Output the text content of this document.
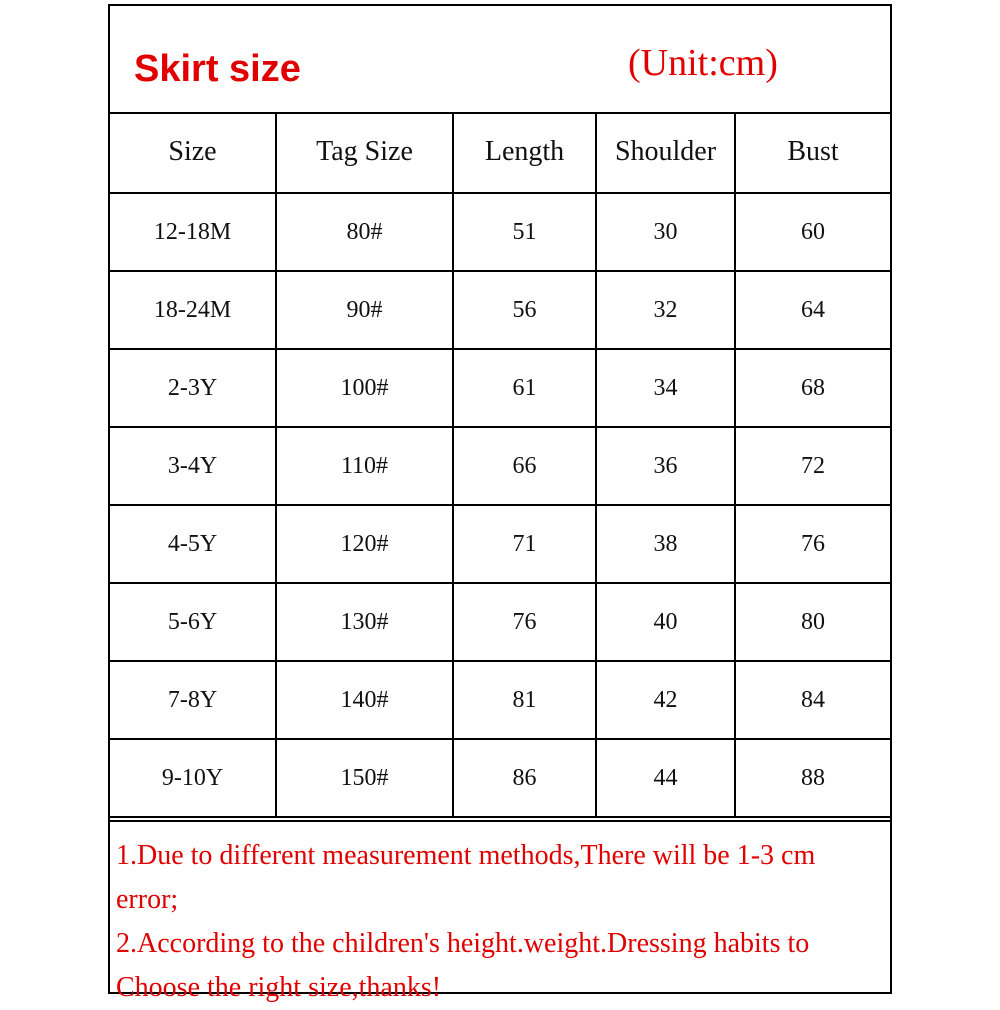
Skirt size	(Unit:cm)
Size	Tag Size	Length	Shoulder	Bust
12-18M	80#	51	30	60
18-24M	90#	56	32	64
2-3Y	100#	61	34	68
3-4Y	110#	66	36	72
4-5Y	120#	71	38	76
5-6Y	130#	76	40	80
7-8Y	140#	81	42	84
9-10Y	150#	86	44	88

1.Due to different measurement methods,There will be 1-3 cm error;

2.According to the children's height.weight.Dressing habits to Choose the right size,thanks!
